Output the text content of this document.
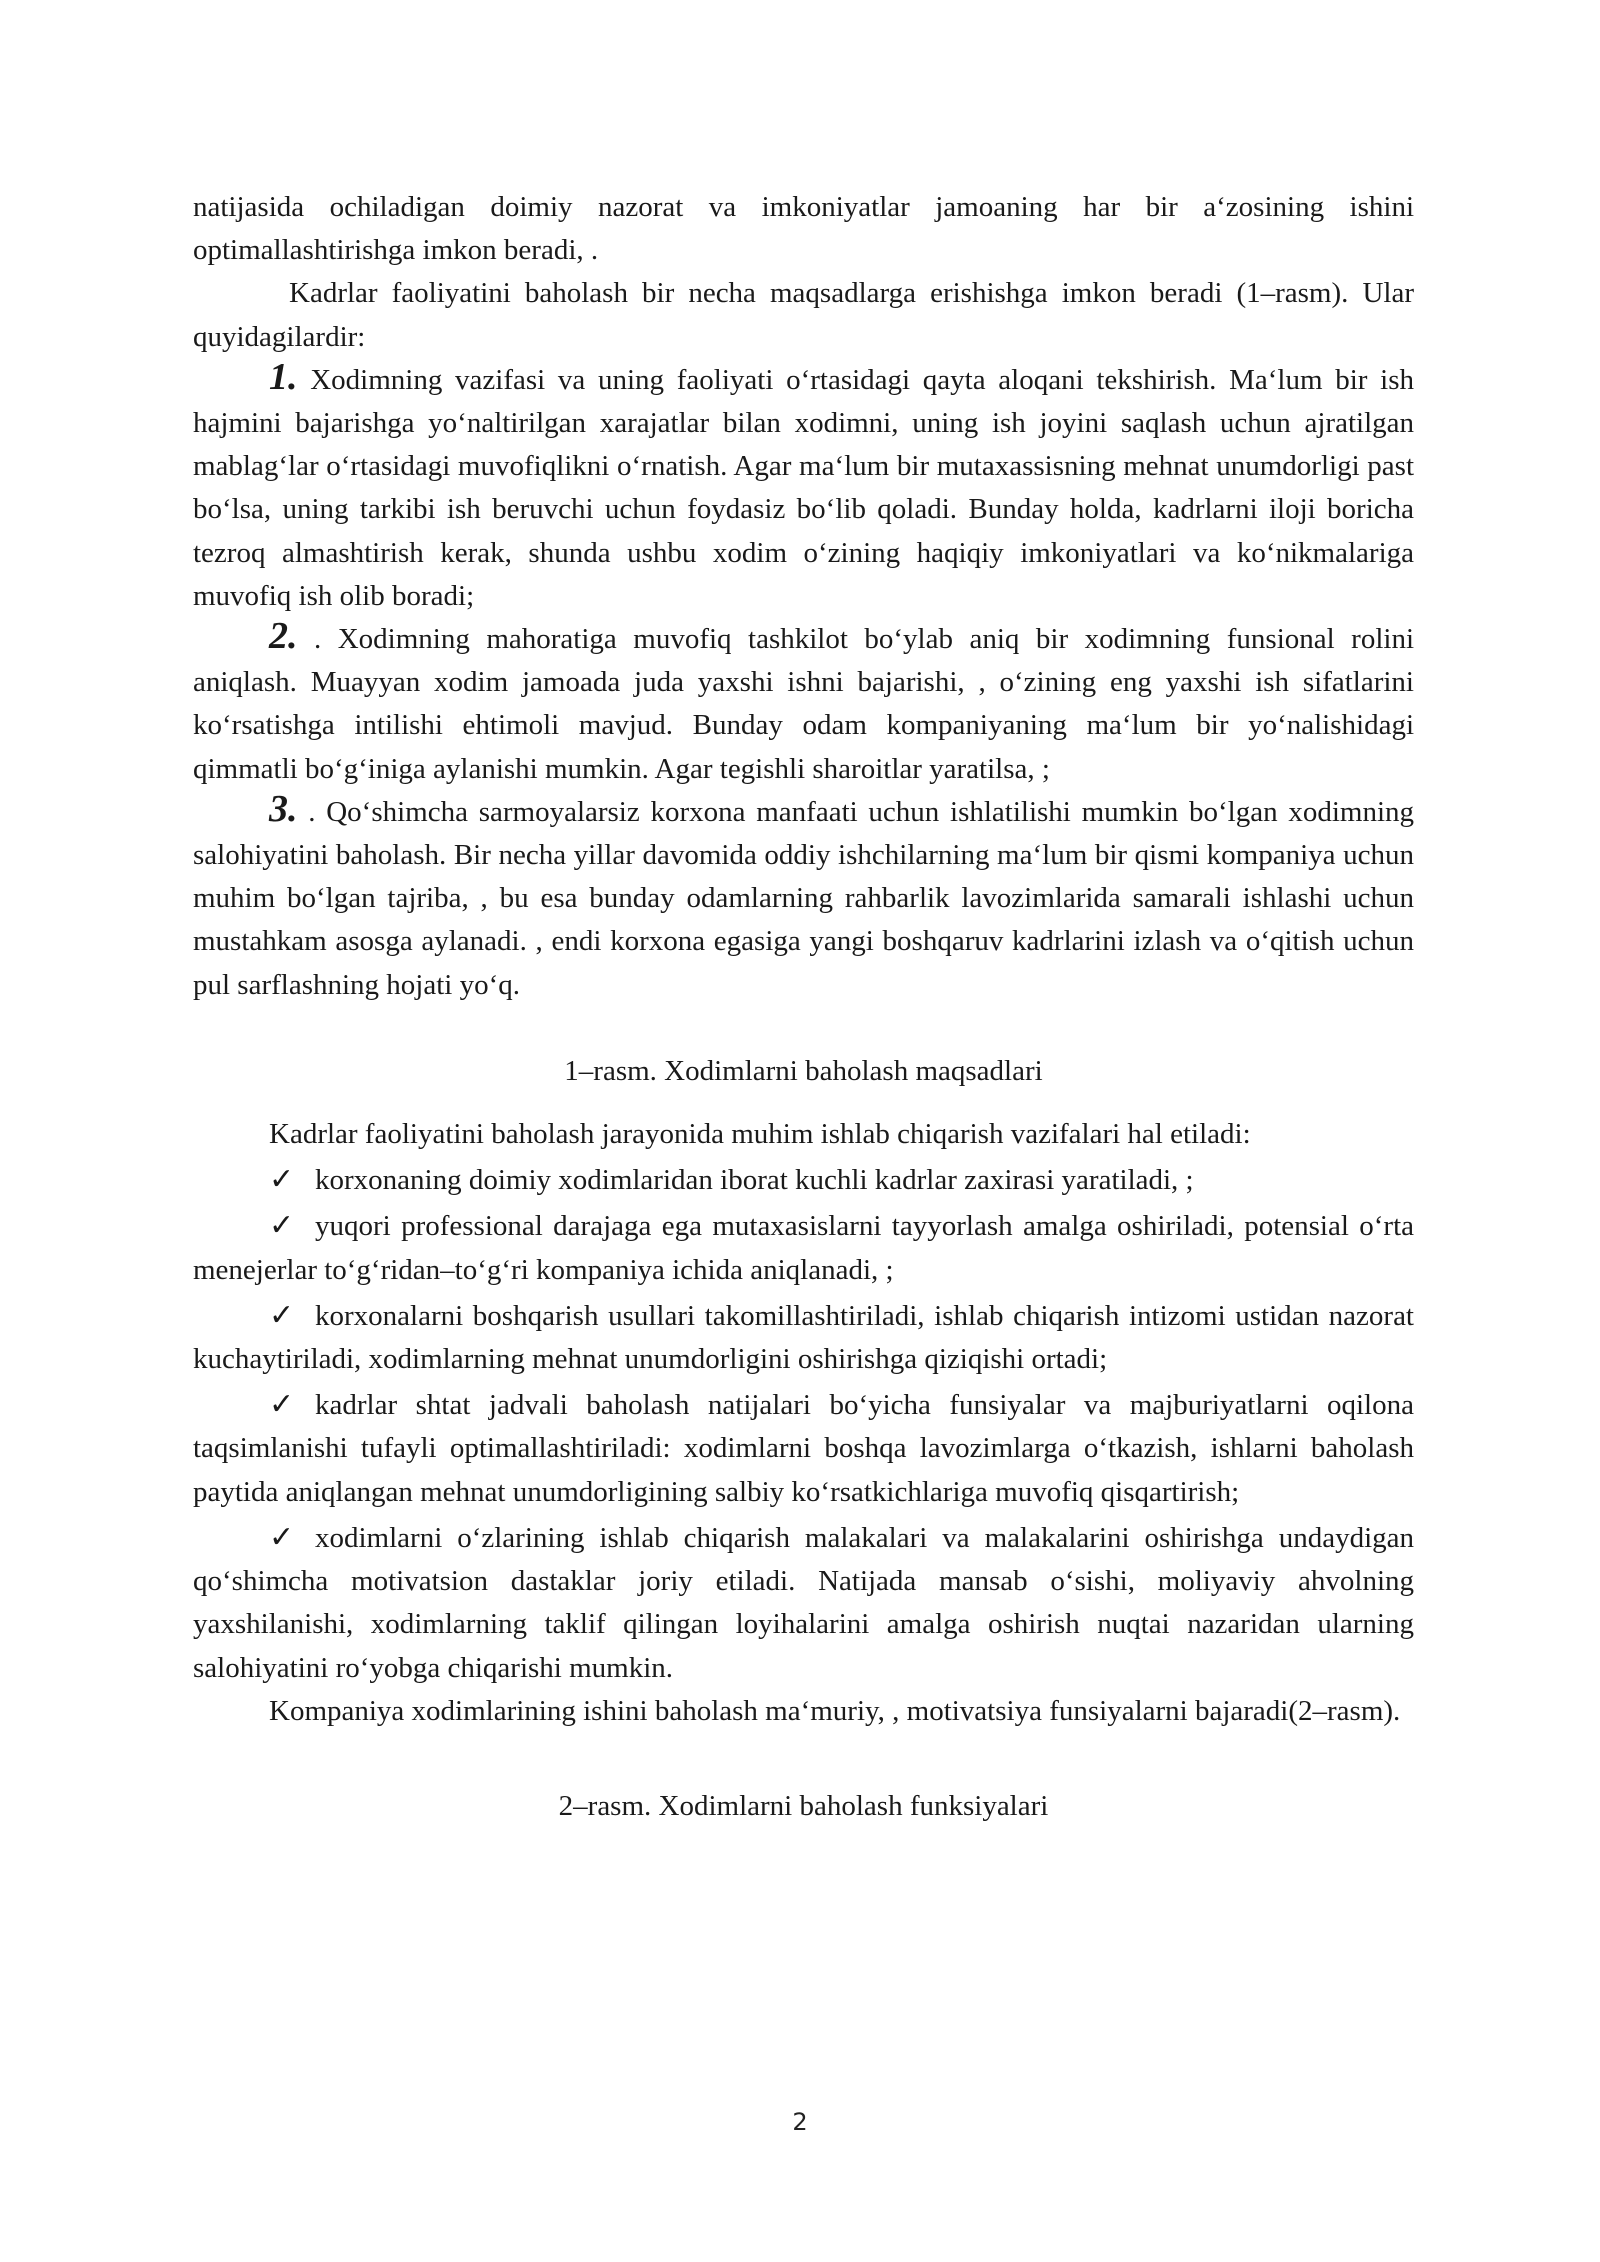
natijasida ochiladigan doimiy nazorat va imkoniyatlar jamoaning har bir a‘zosining ishini optimallashtirishga imkon beradi, .

Kadrlar faoliyatini baholash bir necha maqsadlarga erishishga imkon beradi (1–rasm). Ular quyidagilardir:

1. Xodimning vazifasi va uning faoliyati o‘rtasidagi qayta aloqani tekshirish. Ma‘lum bir ish hajmini bajarishga yo‘naltirilgan xarajatlar bilan xodimni, uning ish joyini saqlash uchun ajratilgan mablag‘lar o‘rtasidagi muvofiqlikni o‘rnatish. Agar ma‘lum bir mutaxassisning mehnat unumdorligi past bo‘lsa, uning tarkibi ish beruvchi uchun foydasiz bo‘lib qoladi. Bunday holda, kadrlarni iloji boricha tezroq almashtirish kerak, shunda ushbu xodim o‘zining haqiqiy imkoniyatlari va ko‘nikmalariga muvofiq ish olib boradi;

2. . Xodimning mahoratiga muvofiq tashkilot bo‘ylab aniq bir xodimning funsional rolini aniqlash. Muayyan xodim jamoada juda yaxshi ishni bajarishi, , o‘zining eng yaxshi ish sifatlarini ko‘rsatishga intilishi ehtimoli mavjud. Bunday odam kompaniyaning ma‘lum bir yo‘nalishidagi qimmatli bo‘g‘iniga aylanishi mumkin. Agar tegishli sharoitlar yaratilsa, ;

3. . Qo‘shimcha sarmoyalarsiz korxona manfaati uchun ishlatilishi mumkin bo‘lgan xodimning salohiyatini baholash. Bir necha yillar davomida oddiy ishchilarning ma‘lum bir qismi kompaniya uchun muhim bo‘lgan tajriba, , bu esa bunday odamlarning rahbarlik lavozimlarida samarali ishlashi uchun mustahkam asosga aylanadi. , endi korxona egasiga yangi boshqaruv kadrlarini izlash va o‘qitish uchun pul sarflashning hojati yo‘q.

1–rasm. Xodimlarni baholash maqsadlari

Kadrlar faoliyatini baholash jarayonida muhim ishlab chiqarish vazifalari hal etiladi:

✓ korxonaning doimiy xodimlaridan iborat kuchli kadrlar zaxirasi yaratiladi, ;

✓ yuqori professional darajaga ega mutaxasislarni tayyorlash amalga oshiriladi, potensial o‘rta menejerlar to‘g‘ridan–to‘g‘ri kompaniya ichida aniqlanadi, ;

✓ korxonalarni boshqarish usullari takomillashtiriladi, ishlab chiqarish intizomi ustidan nazorat kuchaytiriladi, xodimlarning mehnat unumdorligini oshirishga qiziqishi ortadi;

✓ kadrlar shtat jadvali baholash natijalari bo‘yicha funsiyalar va majburiyatlarni oqilona taqsimlanishi tufayli optimallashtiriladi: xodimlarni boshqa lavozimlarga o‘tkazish, ishlarni baholash paytida aniqlangan mehnat unumdorligining salbiy ko‘rsatkichlariga muvofiq qisqartirish;

✓ xodimlarni o‘zlarining ishlab chiqarish malakalari va malakalarini oshirishga undaydigan qo‘shimcha motivatsion dastaklar joriy etiladi. Natijada mansab o‘sishi, moliyaviy ahvolning yaxshilanishi, xodimlarning taklif qilingan loyihalarini amalga oshirish nuqtai nazaridan ularning salohiyatini ro‘yobga chiqarishi mumkin.

Kompaniya xodimlarining ishini baholash ma‘muriy, , motivatsiya funsiyalarni bajaradi(2–rasm).

2–rasm. Xodimlarni baholash funksiyalari

2
